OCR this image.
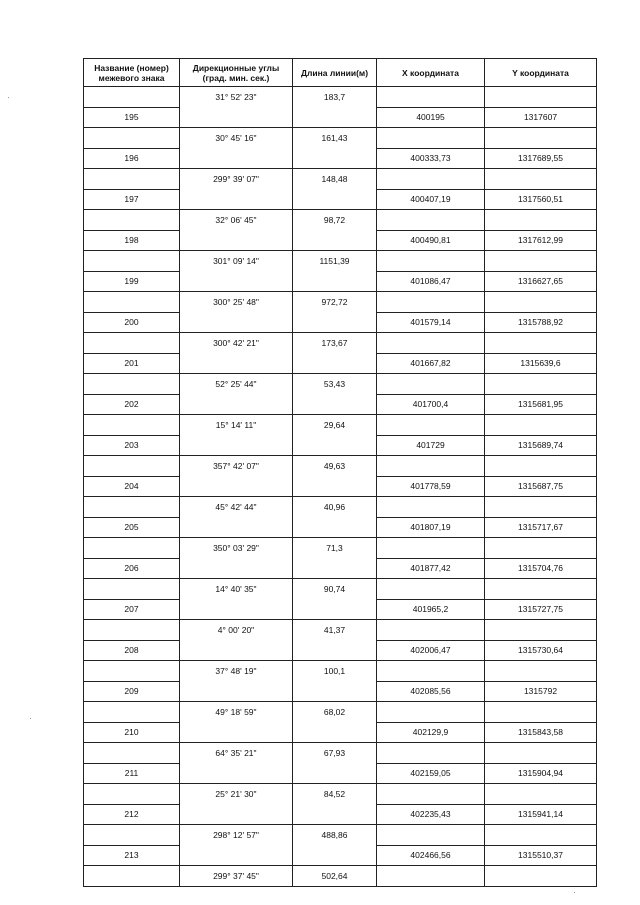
Название (номер) межевого знака	Дирекционные углы (град. мин. сек.)	Длина линии(м)	X координата	Y координата
	31° 52' 23"	183,7		
195			400195	1317607
	30° 45' 16"	161,43		
196			400333,73	1317689,55
	299° 39' 07"	148,48		
197			400407,19	1317560,51
	32° 06' 45"	98,72		
198			400490,81	1317612,99
	301° 09' 14"	1151,39		
199			401086,47	1316627,65
	300° 25' 48"	972,72		
200			401579,14	1315788,92
	300° 42' 21"	173,67		
201			401667,82	1315639,6
	52° 25' 44"	53,43		
202			401700,4	1315681,95
	15° 14' 11"	29,64		
203			401729	1315689,74
	357° 42' 07"	49,63		
204			401778,59	1315687,75
	45° 42' 44"	40,96		
205			401807,19	1315717,67
	350° 03' 29"	71,3		
206			401877,42	1315704,76
	14° 40' 35"	90,74		
207			401965,2	1315727,75
	4° 00' 20"	41,37		
208			402006,47	1315730,64
	37° 48' 19"	100,1		
209			402085,56	1315792
	49° 18' 59"	68,02		
210			402129,9	1315843,58
	64° 35' 21"	67,93		
211			402159,05	1315904,94
	25° 21' 30"	84,52		
212			402235,43	1315941,14
	298° 12' 57"	488,86		
213			402466,56	1315510,37
	299° 37' 45"	502,64		
